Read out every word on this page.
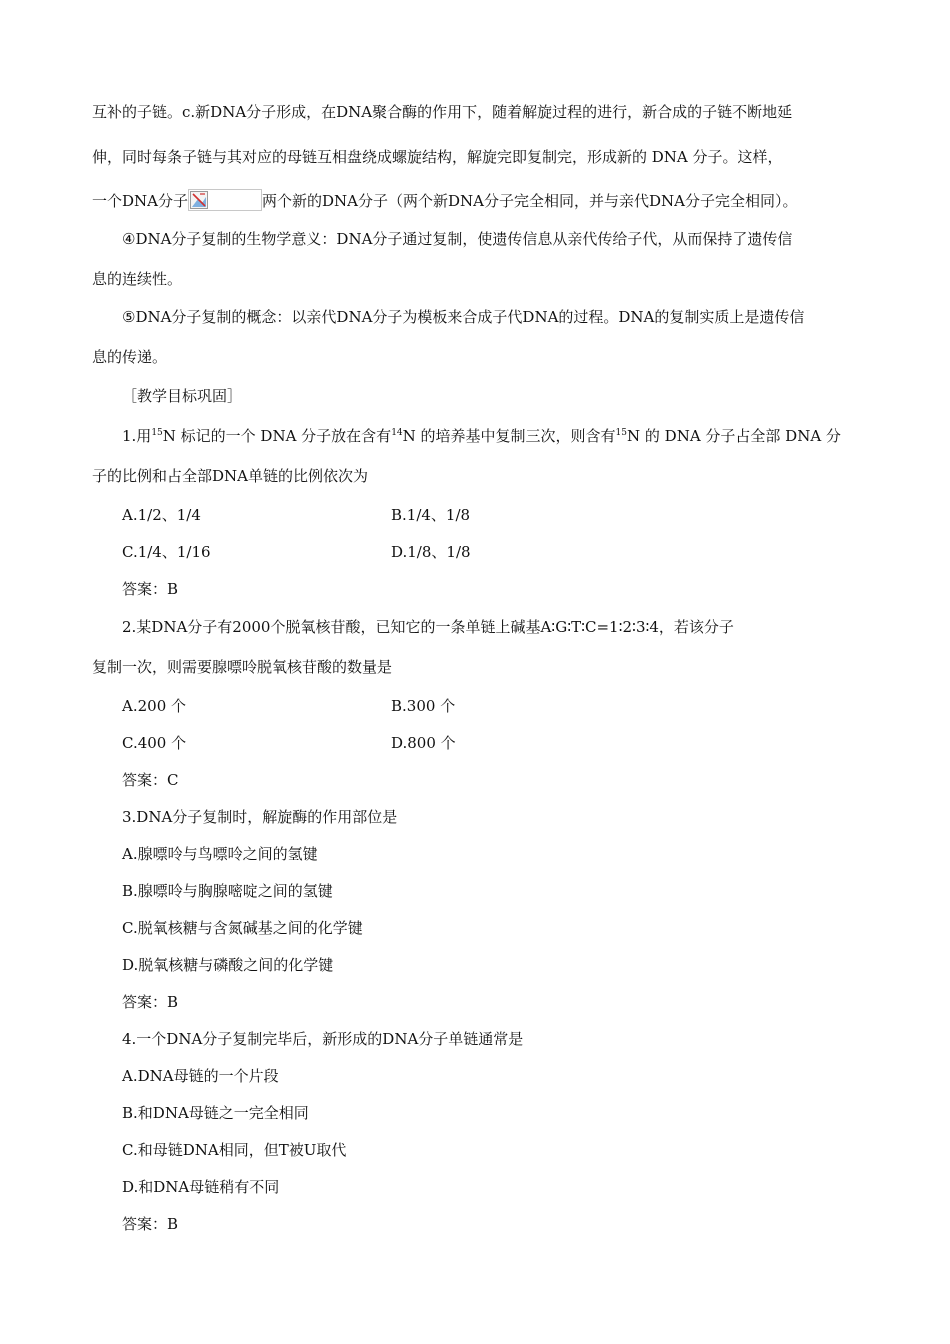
互补的子链。c.新DNA分子形成，在DNA聚合酶的作用下，随着解旋过程的进行，新合成的子链不断地延
伸，同时每条子链与其对应的母链互相盘绕成螺旋结构，解旋完即复制完，形成新的 DNA 分子。这样，
一个DNA分子	两个新的DNA分子（两个新DNA分子完全相同，并与亲代DNA分子完全相同）。
④DNA分子复制的生物学意义：DNA分子通过复制，使遗传信息从亲代传给子代，从而保持了遗传信
息的连续性。
⑤DNA分子复制的概念：以亲代DNA分子为模板来合成子代DNA的过程。DNA的复制实质上是遗传信
息的传递。
［教学目标巩固］
1.用$^{15}$N 标记的一个 DNA 分子放在含有$^{14}$N 的培养基中复制三次，则含有$^{15}$N 的 DNA 分子占全部 DNA 分
子的比例和占全部DNA单链的比例依次为
A.1/2、1/4	B.1/4、1/8
C.1/4、1/16	D.1/8、1/8
答案：B
2.某DNA分子有2000个脱氧核苷酸，已知它的一条单链上碱基A∶G∶T∶C=1∶2∶3∶4，若该分子
复制一次，则需要腺嘌呤脱氧核苷酸的数量是
A.200 个	B.300 个
C.400 个	D.800 个
答案：C
3.DNA分子复制时，解旋酶的作用部位是
A.腺嘌呤与鸟嘌呤之间的氢键
B.腺嘌呤与胸腺嘧啶之间的氢键
C.脱氧核糖与含氮碱基之间的化学键
D.脱氧核糖与磷酸之间的化学键
答案：B
4.一个DNA分子复制完毕后，新形成的DNA分子单链通常是
A.DNA母链的一个片段
B.和DNA母链之一完全相同
C.和母链DNA相同，但T被U取代
D.和DNA母链稍有不同
答案：B
